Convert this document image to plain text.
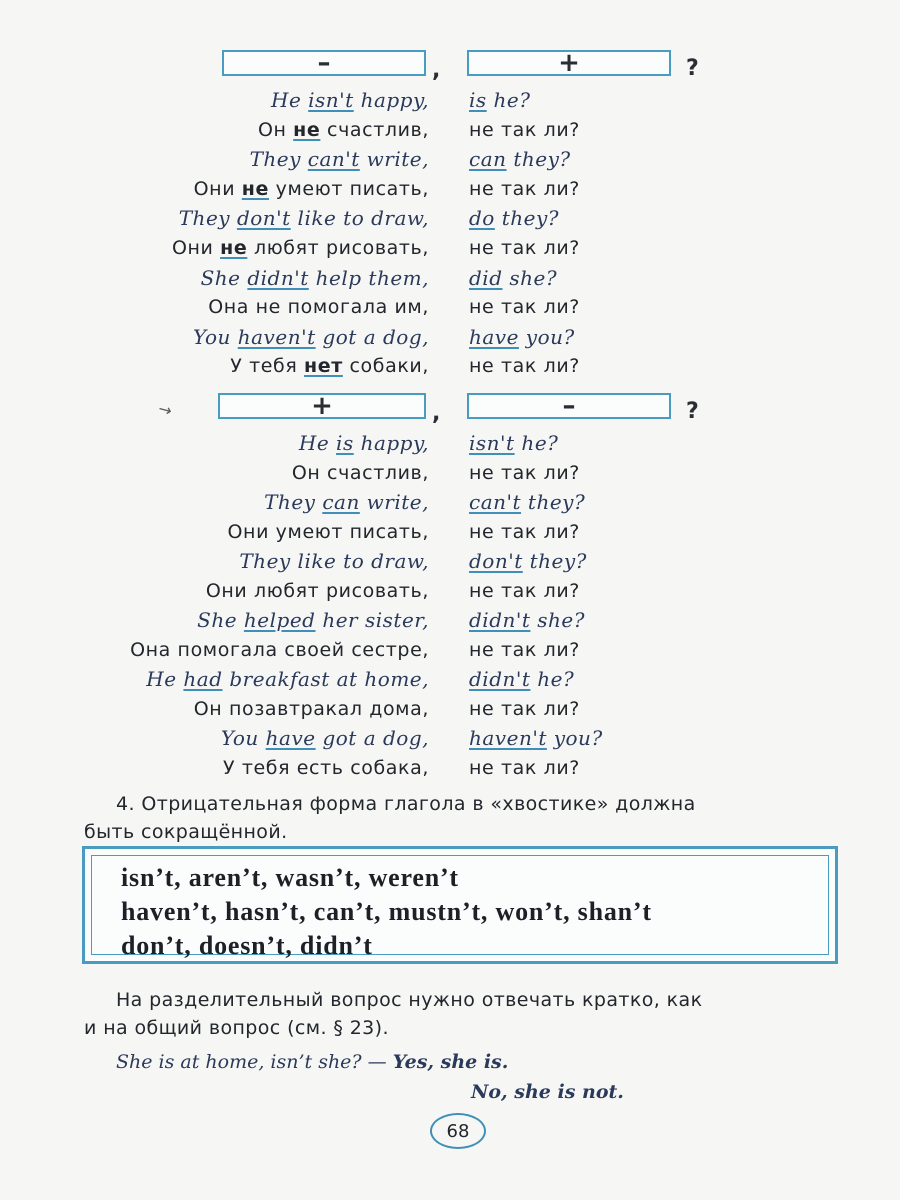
–	,	+	?
He isn't happy, is he?
Он не счастлив, не так ли?
They can't write, can they?
Они не умеют писать, не так ли?
They don't like to draw, do they?
Они не любят рисовать, не так ли?
She didn't help them, did she?
Она не помогала им, не так ли?
You haven't got a dog, have you?
У тебя нет собаки, не так ли?
↘	+	,	–	?
He is happy, isn't he?
Он счастлив, не так ли?
They can write, can't they?
Они умеют писать, не так ли?
They like to draw, don't they?
Они любят рисовать, не так ли?
She helped her sister, didn't she?
Она помогала своей сестре, не так ли?
He had breakfast at home, didn't he?
Он позавтракал дома, не так ли?
You have got a dog, haven't you?
У тебя есть собака, не так ли?
4. Отрицательная форма глагола в «хвостике» должна
быть сокращённой.
isn’t, aren’t, wasn’t, weren’t
haven’t, hasn’t, can’t, mustn’t, won’t, shan’t
don’t, doesn’t, didn’t
На разделительный вопрос нужно отвечать кратко, как
и на общий вопрос (см. § 23).
She is at home, isn’t she? — Yes, she is.
No, she is not.
68
